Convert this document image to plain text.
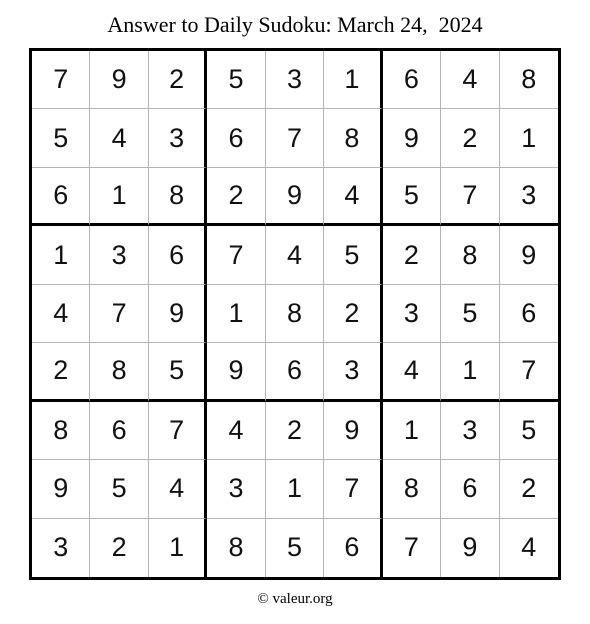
Answer to Daily Sudoku: March 24,  2024
7	9	2	5	3	1	6	4	8
5	4	3	6	7	8	9	2	1
6	1	8	2	9	4	5	7	3
1	3	6	7	4	5	2	8	9
4	7	9	1	8	2	3	5	6
2	8	5	9	6	3	4	1	7
8	6	7	4	2	9	1	3	5
9	5	4	3	1	7	8	6	2
3	2	1	8	5	6	7	9	4
© valeur.org
